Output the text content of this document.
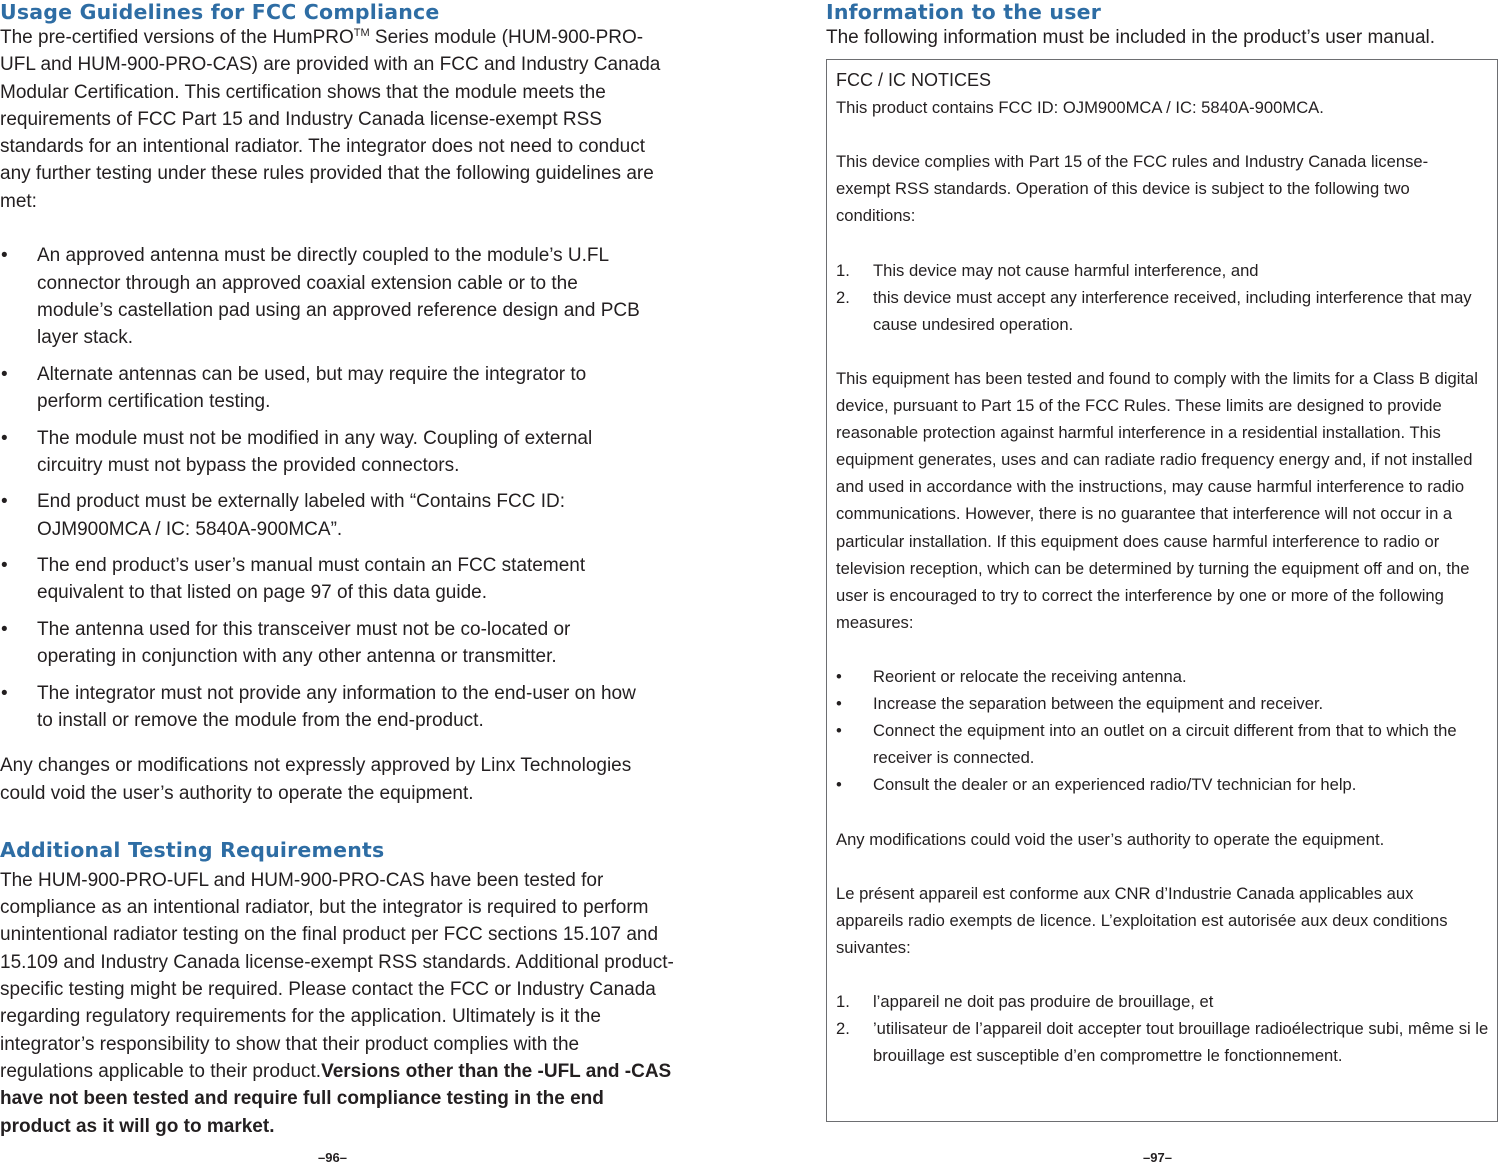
Usage Guidelines for FCC Compliance

The pre-certified versions of the HumPRO™ Series module (HUM-900-PRO-UFL and HUM-900-PRO-CAS) are provided with an FCC and Industry Canada Modular Certification. This certification shows that the module meets the requirements of FCC Part 15 and Industry Canada license-exempt RSS standards for an intentional radiator. The integrator does not need to conduct any further testing under these rules provided that the following guidelines are met:

• An approved antenna must be directly coupled to the module’s U.FL connector through an approved coaxial extension cable or to the module’s castellation pad using an approved reference design and PCB layer stack.
• Alternate antennas can be used, but may require the integrator to perform certification testing.
• The module must not be modified in any way. Coupling of external circuitry must not bypass the provided connectors.
• End product must be externally labeled with “Contains FCC ID: OJM900MCA / IC: 5840A-900MCA”.
• The end product’s user’s manual must contain an FCC statement equivalent to that listed on page 97 of this data guide.
• The antenna used for this transceiver must not be co-located or operating in conjunction with any other antenna or transmitter.
• The integrator must not provide any information to the end-user on how to install or remove the module from the end-product.

Any changes or modifications not expressly approved by Linx Technologies could void the user’s authority to operate the equipment.

Additional Testing Requirements

The HUM-900-PRO-UFL and HUM-900-PRO-CAS have been tested for compliance as an intentional radiator, but the integrator is required to perform unintentional radiator testing on the final product per FCC sections 15.107 and 15.109 and Industry Canada license-exempt RSS standards. Additional product-specific testing might be required. Please contact the FCC or Industry Canada regarding regulatory requirements for the application. Ultimately is it the integrator’s responsibility to show that their product complies with the regulations applicable to their product.Versions other than the -UFL and -CAS have not been tested and require full compliance testing in the end product as it will go to market.

–96–
Information to the user

The following information must be included in the product’s user manual.

FCC / IC NOTICES

This product contains FCC ID: OJM900MCA / IC: 5840A-900MCA.

This device complies with Part 15 of the FCC rules and Industry Canada license-exempt RSS standards. Operation of this device is subject to the following two conditions:

1. This device may not cause harmful interference, and
2. this device must accept any interference received, including interference that may cause undesired operation.

This equipment has been tested and found to comply with the limits for a Class B digital device, pursuant to Part 15 of the FCC Rules. These limits are designed to provide reasonable protection against harmful interference in a residential installation. This equipment generates, uses and can radiate radio frequency energy and, if not installed and used in accordance with the instructions, may cause harmful interference to radio communications. However, there is no guarantee that interference will not occur in a particular installation. If this equipment does cause harmful interference to radio or television reception, which can be determined by turning the equipment off and on, the user is encouraged to try to correct the interference by one or more of the following measures:

• Reorient or relocate the receiving antenna.
• Increase the separation between the equipment and receiver.
• Connect the equipment into an outlet on a circuit different from that to which the receiver is connected.
• Consult the dealer or an experienced radio/TV technician for help.

Any modifications could void the user’s authority to operate the equipment.

Le présent appareil est conforme aux CNR d’Industrie Canada applicables aux appareils radio exempts de licence. L’exploitation est autorisée aux deux conditions suivantes:

1. l’appareil ne doit pas produire de brouillage, et
2. ’utilisateur de l’appareil doit accepter tout brouillage radioélectrique subi, même si le brouillage est susceptible d’en compromettre le fonctionnement.
–97–
